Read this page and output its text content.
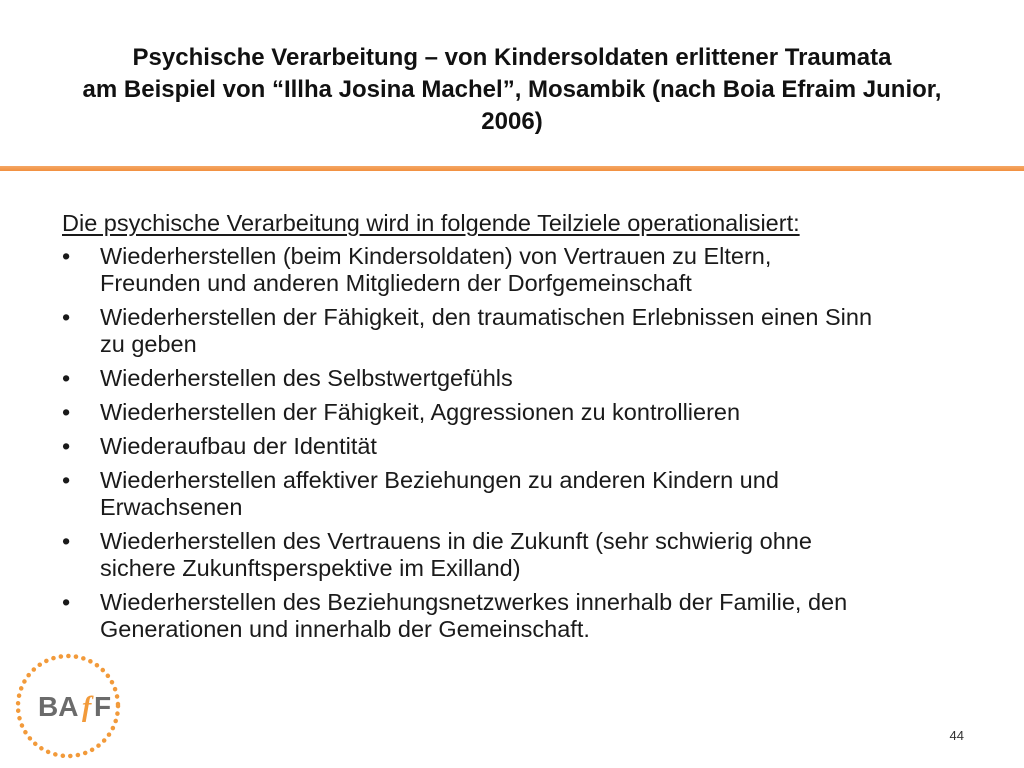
Psychische Verarbeitung – von Kindersoldaten erlittener Traumata
am Beispiel von “Illha Josina Machel”, Mosambik (nach Boia Efraim Junior,
2006)
Die psychische Verarbeitung wird in folgende Teilziele operationalisiert:
•	Wiederherstellen (beim Kindersoldaten) von Vertrauen zu Eltern,
Freunden und anderen Mitgliedern der Dorfgemeinschaft
•	Wiederherstellen der Fähigkeit, den traumatischen Erlebnissen einen Sinn
zu geben
•	Wiederherstellen des Selbstwertgefühls
•	Wiederherstellen der Fähigkeit, Aggressionen zu kontrollieren
•	Wiederaufbau der Identität
•	Wiederherstellen affektiver Beziehungen zu anderen Kindern und
Erwachsenen
•	Wiederherstellen des Vertrauens in die Zukunft (sehr schwierig ohne
sichere Zukunftsperspektive im Exilland)
•	Wiederherstellen des Beziehungsnetzwerkes innerhalb der Familie, den
Generationen und innerhalb der Gemeinschaft.
BA f F
44
